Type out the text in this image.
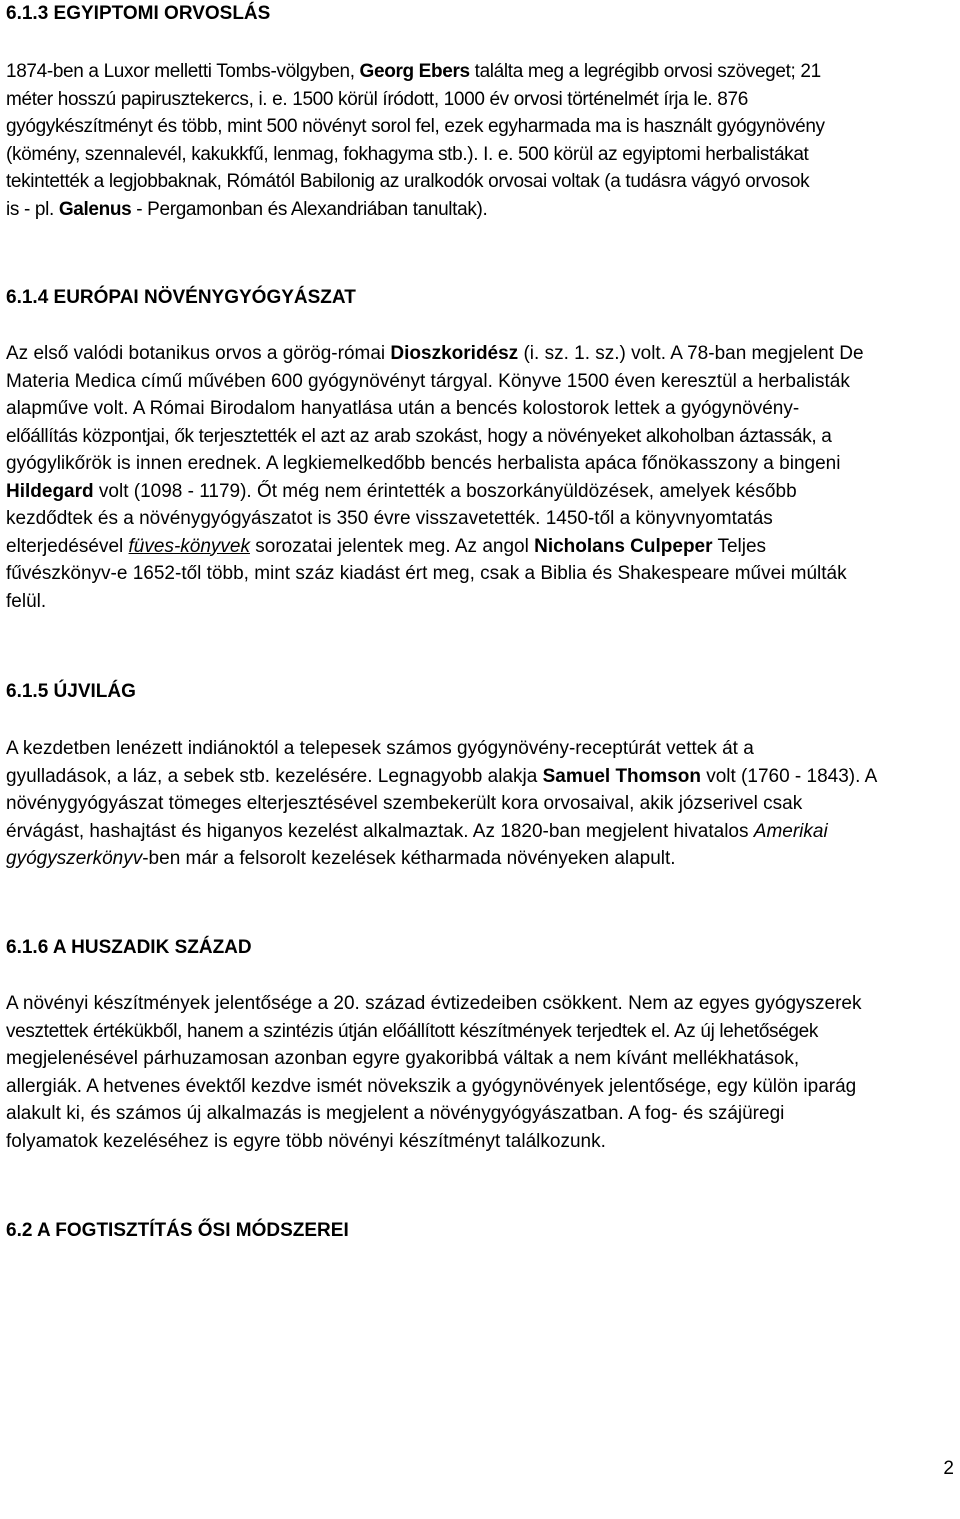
6.1.3 EGYIPTOMI ORVOSLÁS
1874-ben a Luxor melletti Tombs-völgyben, Georg Ebers találta meg a legrégibb orvosi szöveget; 21
méter hosszú papirusztekercs, i. e. 1500 körül íródott, 1000 év orvosi történelmét írja le. 876
gyógykészítményt és több, mint 500 növényt sorol fel, ezek egyharmada ma is használt gyógynövény
(kömény, szennalevél, kakukkfű, lenmag, fokhagyma stb.). I. e. 500 körül az egyiptomi herbalistákat
tekintették a legjobbaknak, Rómától Babilonig az uralkodók orvosai voltak (a tudásra vágyó orvosok
is - pl. Galenus - Pergamonban és Alexandriában tanultak).
6.1.4 EURÓPAI NÖVÉNYGYÓGYÁSZAT
Az első valódi botanikus orvos a görög-római Dioszkoridész (i. sz. 1. sz.) volt. A 78-ban megjelent De
Materia Medica című művében 600 gyógynövényt tárgyal. Könyve 1500 éven keresztül a herbalisták
alapműve volt. A Római Birodalom hanyatlása után a bencés kolostorok lettek a gyógynövény-
előállítás központjai, ők terjesztették el azt az arab szokást, hogy a növényeket alkoholban áztassák, a
gyógylikőrök is innen erednek. A legkiemelkedőbb bencés herbalista apáca főnökasszony a bingeni
Hildegard volt (1098 - 1179). Őt még nem érintették a boszorkányüldözések, amelyek később
kezdődtek és a növénygyógyászatot is 350 évre visszavetették. 1450-től a könyvnyomtatás
elterjedésével füves-könyvek sorozatai jelentek meg. Az angol Nicholans Culpeper Teljes
fűvészkönyv-e 1652-től több, mint száz kiadást ért meg, csak a Biblia és Shakespeare művei múlták
felül.
6.1.5 ÚJVILÁG
A kezdetben lenézett indiánoktól a telepesek számos gyógynövény-receptúrát vettek át a
gyulladások, a láz, a sebek stb. kezelésére. Legnagyobb alakja Samuel Thomson volt (1760 - 1843). A
növénygyógyászat tömeges elterjesztésével szembekerült kora orvosaival, akik józserivel csak
érvágást, hashajtást és higanyos kezelést alkalmaztak. Az 1820-ban megjelent hivatalos Amerikai
gyógyszerkönyv-ben már a felsorolt kezelések kétharmada növényeken alapult.
6.1.6 A HUSZADIK SZÁZAD
A növényi készítmények jelentősége a 20. század évtizedeiben csökkent. Nem az egyes gyógyszerek
vesztettek értékükből, hanem a szintézis útján előállított készítmények terjedtek el. Az új lehetőségek
megjelenésével párhuzamosan azonban egyre gyakoribbá váltak a nem kívánt mellékhatások,
allergiák. A hetvenes évektől kezdve ismét növekszik a gyógynövények jelentősége, egy külön iparág
alakult ki, és számos új alkalmazás is megjelent a növénygyógyászatban. A fog- és szájüregi
folyamatok kezeléséhez is egyre több növényi készítményt találkozunk.
6.2 A FOGTISZTÍTÁS ŐSI MÓDSZEREI
2
